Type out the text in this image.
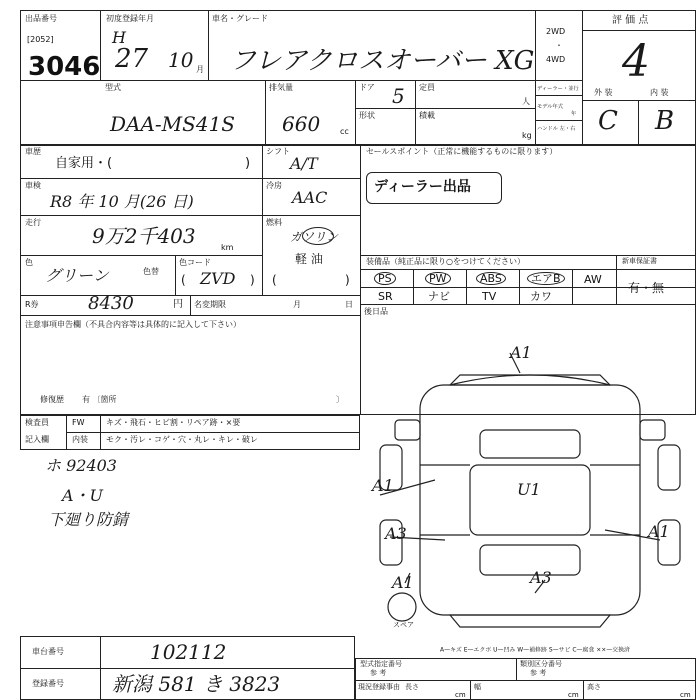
出品番号
[2052]
3046
初度登録年月
H
27 10 月
車名・グレード
フレアクロスオーバー XG
2WD
・
4WD
評 価 点
4
型式
DAA-MS41S
排気量
660 cc
ドア 5 定員
人
形状	積載
kg
ディーラー・並行
モデル年式
年
ハンドル 左・右
外 装	内 装
C B
車歴
自家用・(	)
シフト
A/T
車検
R8 年 10 月(26 日)
冷房
AAC
走行
9万2千403	km
燃料
ガソリン
軽 油
(	)
色
グリーン	色替
色コード
( ZVD )
R券	8430	円 名変期限	月	日
セールスポイント（正常に機能するものに限ります）
ディーラー出品
装備品（純正品に限り○をつけてください）	新車保証書
有・無
PS	PW	ABS	エアB	AW
SR	ナビ	TV	カワ
後日品
注意事項申告欄（不具合内容等は具体的に記入して下さい）
修復歴 有 〔箇所	〕
検査員
記入欄
FW	キズ・飛石・ヒビ割・リペア跡・×要
内装 モク・汚レ・コゲ・穴・丸レ・キレ・破レ
ホ 92403
A・U
下廻り防錆
A1
A1	U1
A1
A3
A1	A3
スペア
A—キズ E—エクボ U—凹み W—補修跡 S—サビ C—腐食 ××—交換済
型式指定番号
参 考
類別区分番号
参 考
現況登録事由 長さ
cm
幅
cm
高さ
cm
車台番号	102112
登録番号 新潟 581 き 3823
